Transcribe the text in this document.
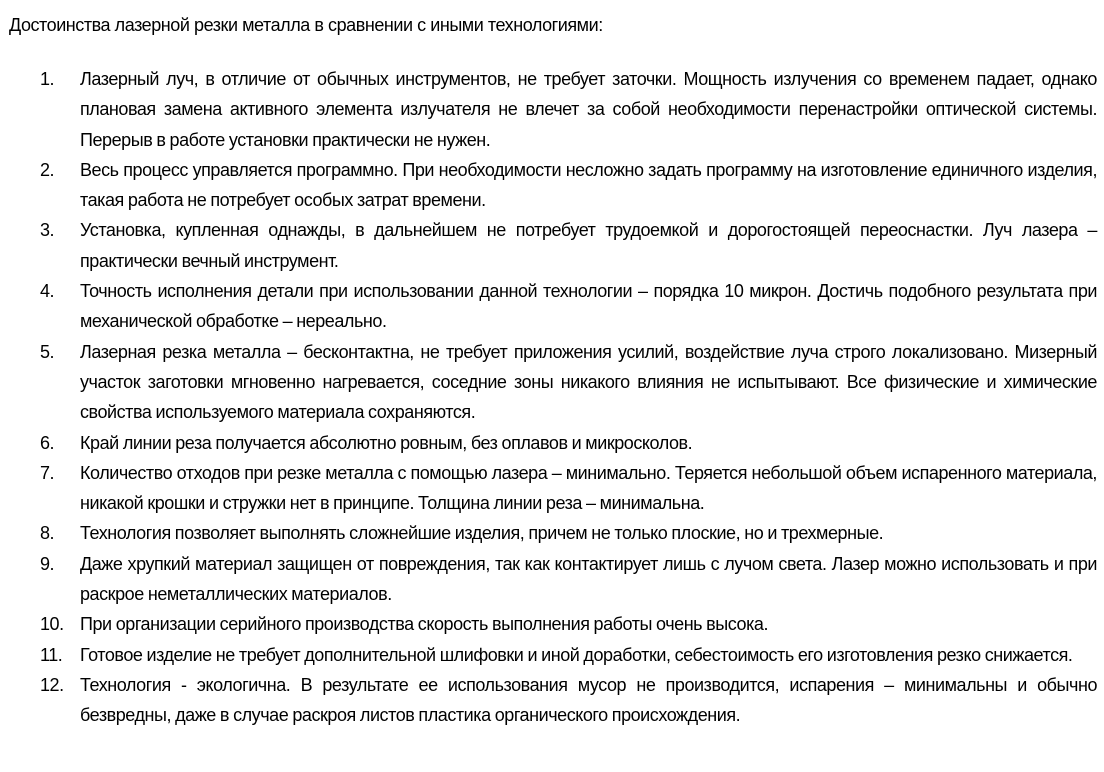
Достоинства лазерной резки металла в сравнении с иными технологиями:
1.	Лазерный луч, в отличие от обычных инструментов, не требует заточки. Мощность излучения со временем падает, однако плановая замена активного элемента излучателя не влечет за собой необходимости перенастройки оптической системы. Перерыв в работе установки практически не нужен.
2.	Весь процесс управляется программно. При необходимости несложно задать программу на изготовление единичного изделия, такая работа не потребует особых затрат времени.
3.	Установка, купленная однажды, в дальнейшем не потребует трудоемкой и дорогостоящей переоснастки. Луч лазера – практически вечный инструмент.
4.	Точность исполнения детали при использовании данной технологии – порядка 10 микрон. Достичь подобного результата при механической обработке – нереально.
5.	Лазерная резка металла – бесконтактна, не требует приложения усилий, воздействие луча строго локализовано. Мизерный участок заготовки мгновенно нагревается, соседние зоны никакого влияния не испытывают. Все физические и химические свойства используемого материала сохраняются.
6.	Край линии реза получается абсолютно ровным, без оплавов и микросколов.
7.	Количество отходов при резке металла с помощью лазера – минимально. Теряется небольшой объем испаренного материала, никакой крошки и стружки нет в принципе. Толщина линии реза – минимальна.
8.	Технология позволяет выполнять сложнейшие изделия, причем не только плоские, но и трехмерные.
9.	Даже хрупкий материал защищен от повреждения, так как контактирует лишь с лучом света. Лазер можно использовать и при раскрое неметаллических материалов.
10. При организации серийного производства скорость выполнения работы очень высока.
11. Готовое изделие не требует дополнительной шлифовки и иной доработки, себестоимость его изготовления резко снижается.
12. Технология - экологична. В результате ее использования мусор не производится, испарения – минимальны и обычно безвредны, даже в случае раскроя листов пластика органического происхождения.
